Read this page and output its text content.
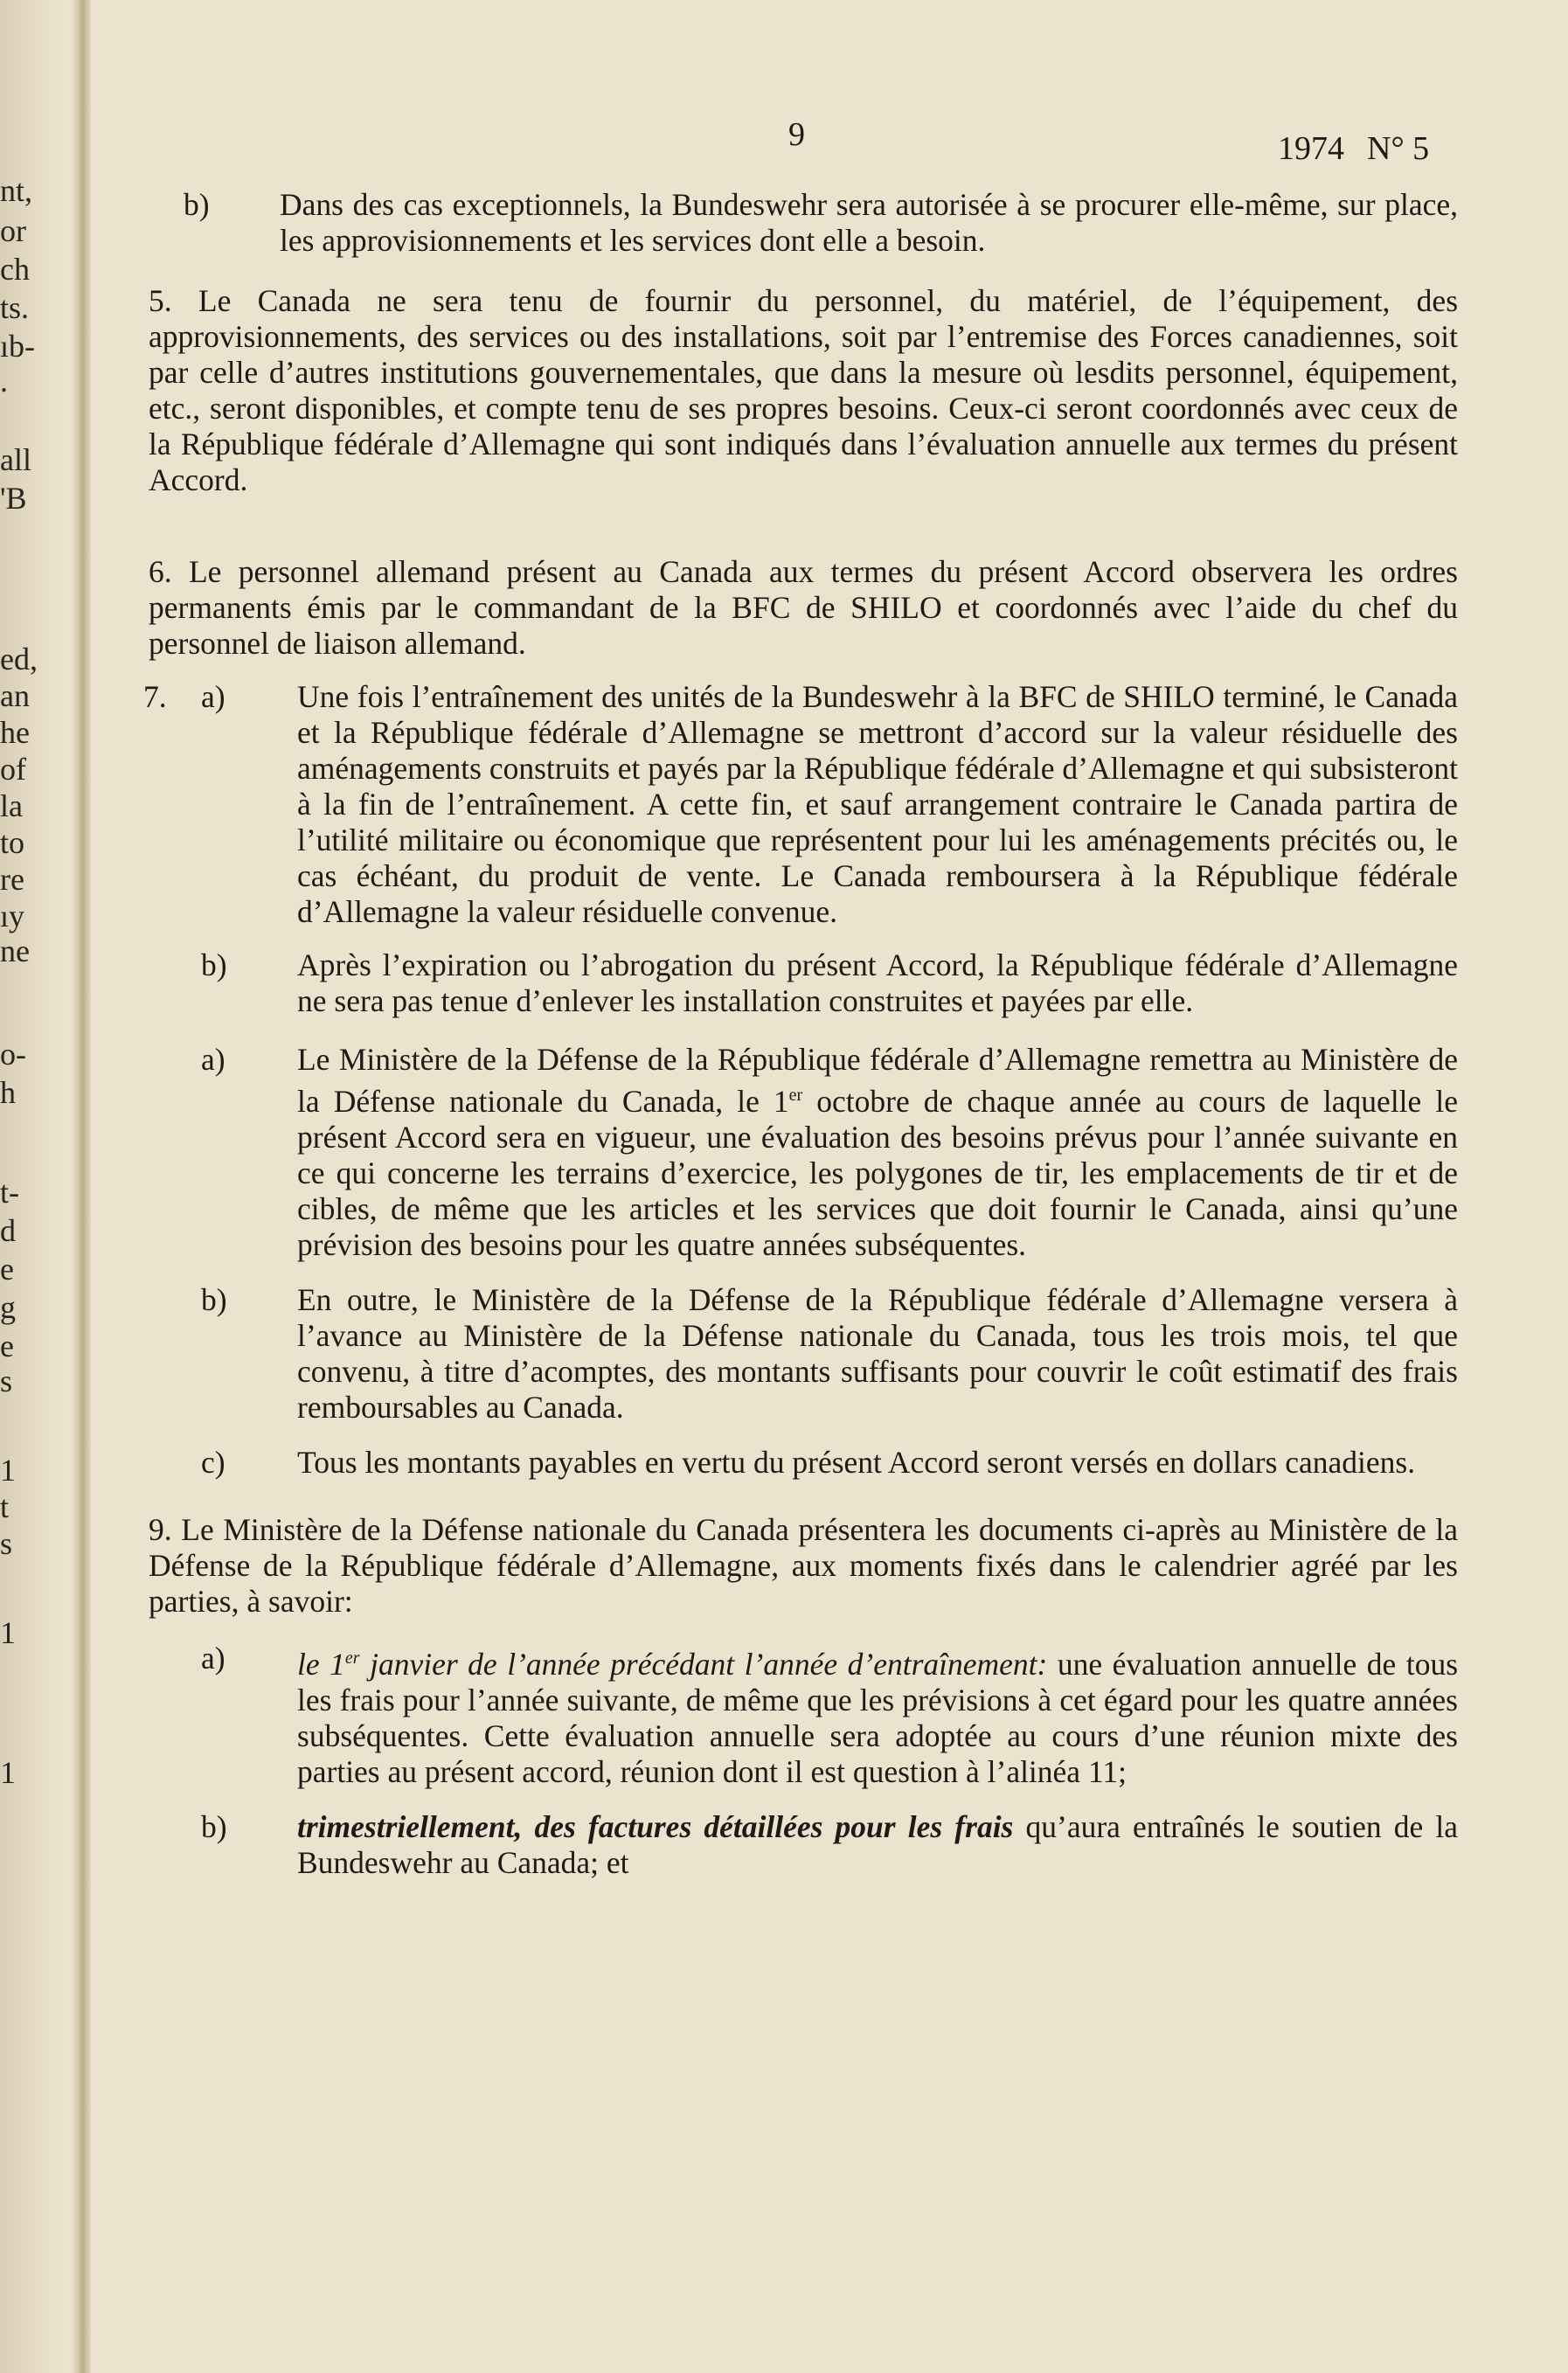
nt,
or
ch
ts.
ıb-
.
all
'B
ed,
an
he
of
la
to
re
ıy
ne
o-
h
t-
d
e
g
e
s
1
t
s
1
1
9	1974 N° 5

b) Dans des cas exceptionnels, la Bundeswehr sera autorisée à se procurer elle-même, sur place, les approvisionnements et les services dont elle a besoin.

5. Le Canada ne sera tenu de fournir du personnel, du matériel, de l’équipement, des approvisionnements, des services ou des installations, soit par l’entremise des Forces canadiennes, soit par celle d’autres institutions gouvernementales, que dans la mesure où lesdits personnel, équipement, etc., seront disponibles, et compte tenu de ses propres besoins. Ceux-ci seront coordonnés avec ceux de la République fédérale d’Allemagne qui sont indiqués dans l’évaluation annuelle aux termes du présent Accord.

6. Le personnel allemand présent au Canada aux termes du présent Accord observera les ordres permanents émis par le commandant de la BFC de SHILO et coordonnés avec l’aide du chef du personnel de liaison allemand.

7. a) Une fois l’entraînement des unités de la Bundeswehr à la BFC de SHILO terminé, le Canada et la République fédérale d’Allemagne se mettront d’accord sur la valeur résiduelle des aménagements construits et payés par la République fédérale d’Allemagne et qui subsisteront à la fin de l’entraînement. A cette fin, et sauf arrangement contraire le Canada partira de l’utilité militaire ou économique que représentent pour lui les aménagements précités ou, le cas échéant, du produit de vente. Le Canada remboursera à la République fédérale d’Allemagne la valeur résiduelle convenue.

b) Après l’expiration ou l’abrogation du présent Accord, la République fédérale d’Allemagne ne sera pas tenue d’enlever les installation construites et payées par elle.

a) Le Ministère de la Défense de la République fédérale d’Allemagne remettra au Ministère de la Défense nationale du Canada, le 1er octobre de chaque année au cours de laquelle le présent Accord sera en vigueur, une évaluation des besoins prévus pour l’année suivante en ce qui concerne les terrains d’exercice, les polygones de tir, les emplacements de tir et de cibles, de même que les articles et les services que doit fournir le Canada, ainsi qu’une prévision des besoins pour les quatre années subséquentes.

b) En outre, le Ministère de la Défense de la République fédérale d’Allemagne versera à l’avance au Ministère de la Défense nationale du Canada, tous les trois mois, tel que convenu, à titre d’acomptes, des montants suffisants pour couvrir le coût estimatif des frais remboursables au Canada.

c) Tous les montants payables en vertu du présent Accord seront versés en dollars canadiens.

9. Le Ministère de la Défense nationale du Canada présentera les documents ci-après au Ministère de la Défense de la République fédérale d’Allemagne, aux moments fixés dans le calendrier agréé par les parties, à savoir:

a) le 1er janvier de l’année précédant l’année d’entraînement: une évaluation annuelle de tous les frais pour l’année suivante, de même que les prévisions à cet égard pour les quatre années subséquentes. Cette évaluation annuelle sera adoptée au cours d’une réunion mixte des parties au présent accord, réunion dont il est question à l’alinéa 11;

b) trimestriellement, des factures détaillées pour les frais qu’aura entraînés le soutien de la Bundeswehr au Canada; et
